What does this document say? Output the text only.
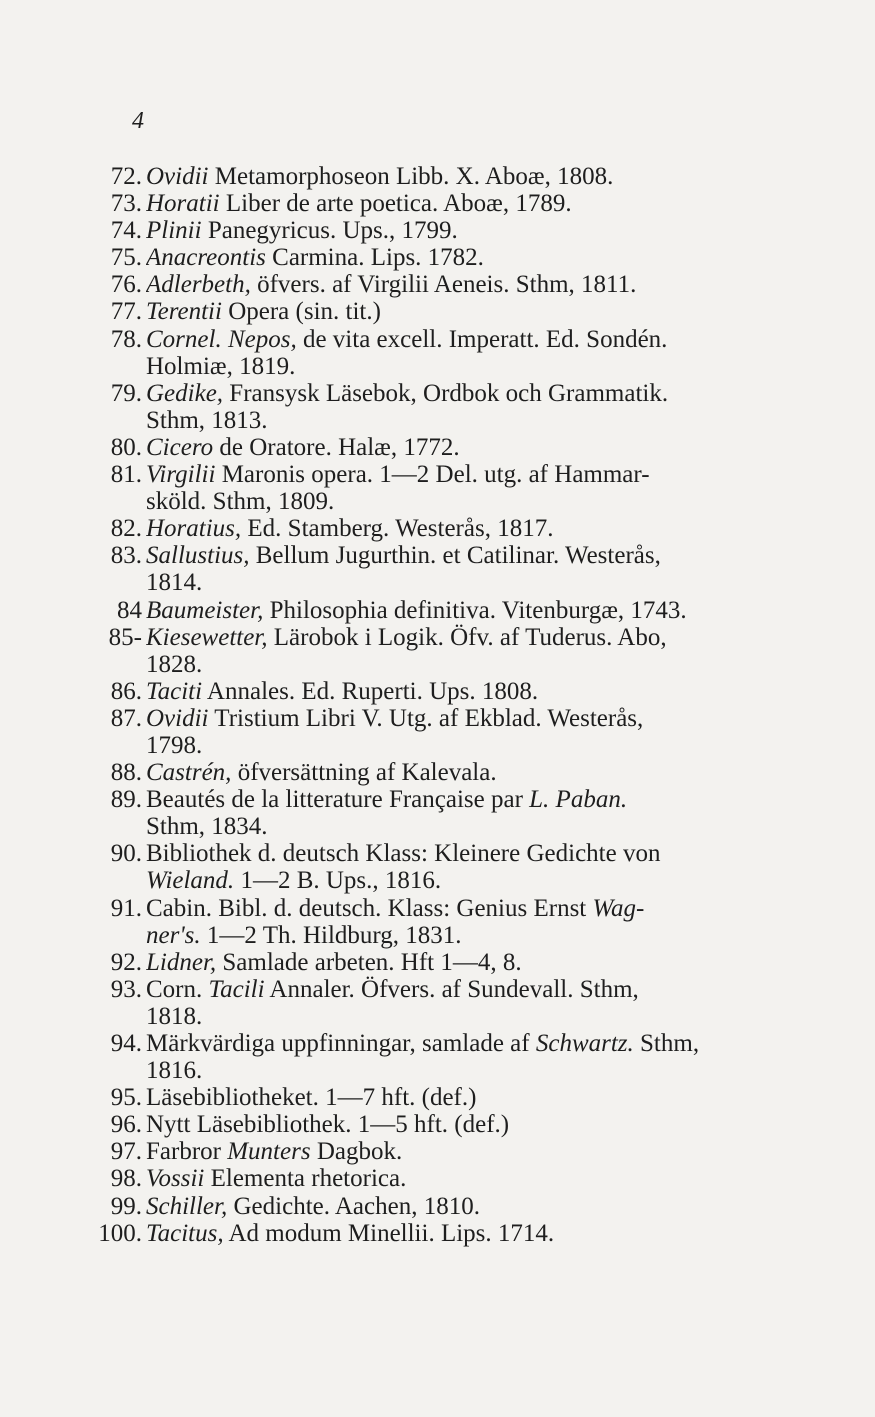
4
72. Ovidii Metamorphoseon Libb. X. Aboæ, 1808.
73. Horatii Liber de arte poetica. Aboæ, 1789.
74. Plinii Panegyricus. Ups., 1799.
75. Anacreontis Carmina. Lips. 1782.
76. Adlerbeth, öfvers. af Virgilii Aeneis. Sthm, 1811.
77. Terentii Opera (sin. tit.)
78. Cornel. Nepos, de vita excell. Imperatt. Ed. Sondén.
Holmiæ, 1819.
79. Gedike, Fransysk Läsebok, Ordbok och Grammatik.
Sthm, 1813.
80. Cicero de Oratore. Halæ, 1772.
81. Virgilii Maronis opera. 1—2 Del. utg. af Hammar-
sköld. Sthm, 1809.
82. Horatius, Ed. Stamberg. Westerås, 1817.
83. Sallustius, Bellum Jugurthin. et Catilinar. Westerås,
1814.
84 Baumeister, Philosophia definitiva. Vitenburgæ, 1743.
85- Kiesewetter, Lärobok i Logik. Öfv. af Tuderus. Abo,
1828.
86. Taciti Annales. Ed. Ruperti. Ups. 1808.
87. Ovidii Tristium Libri V. Utg. af Ekblad. Westerås,
1798.
88. Castrén, öfversättning af Kalevala.
89. Beautés de la litterature Française par L. Paban.
Sthm, 1834.
90. Bibliothek d. deutsch Klass: Kleinere Gedichte von
Wieland. 1—2 B. Ups., 1816.
91. Cabin. Bibl. d. deutsch. Klass: Genius Ernst Wag-
ner's. 1—2 Th. Hildburg, 1831.
92. Lidner, Samlade arbeten. Hft 1—4, 8.
93. Corn. Tacili Annaler. Öfvers. af Sundevall. Sthm,
1818.
94. Märkvärdiga uppfinningar, samlade af Schwartz. Sthm,
1816.
95. Läsebibliotheket. 1—7 hft. (def.)
96. Nytt Läsebibliothek. 1—5 hft. (def.)
97. Farbror Munters Dagbok.
98. Vossii Elementa rhetorica.
99. Schiller, Gedichte. Aachen, 1810.
100. Tacitus, Ad modum Minellii. Lips. 1714.
